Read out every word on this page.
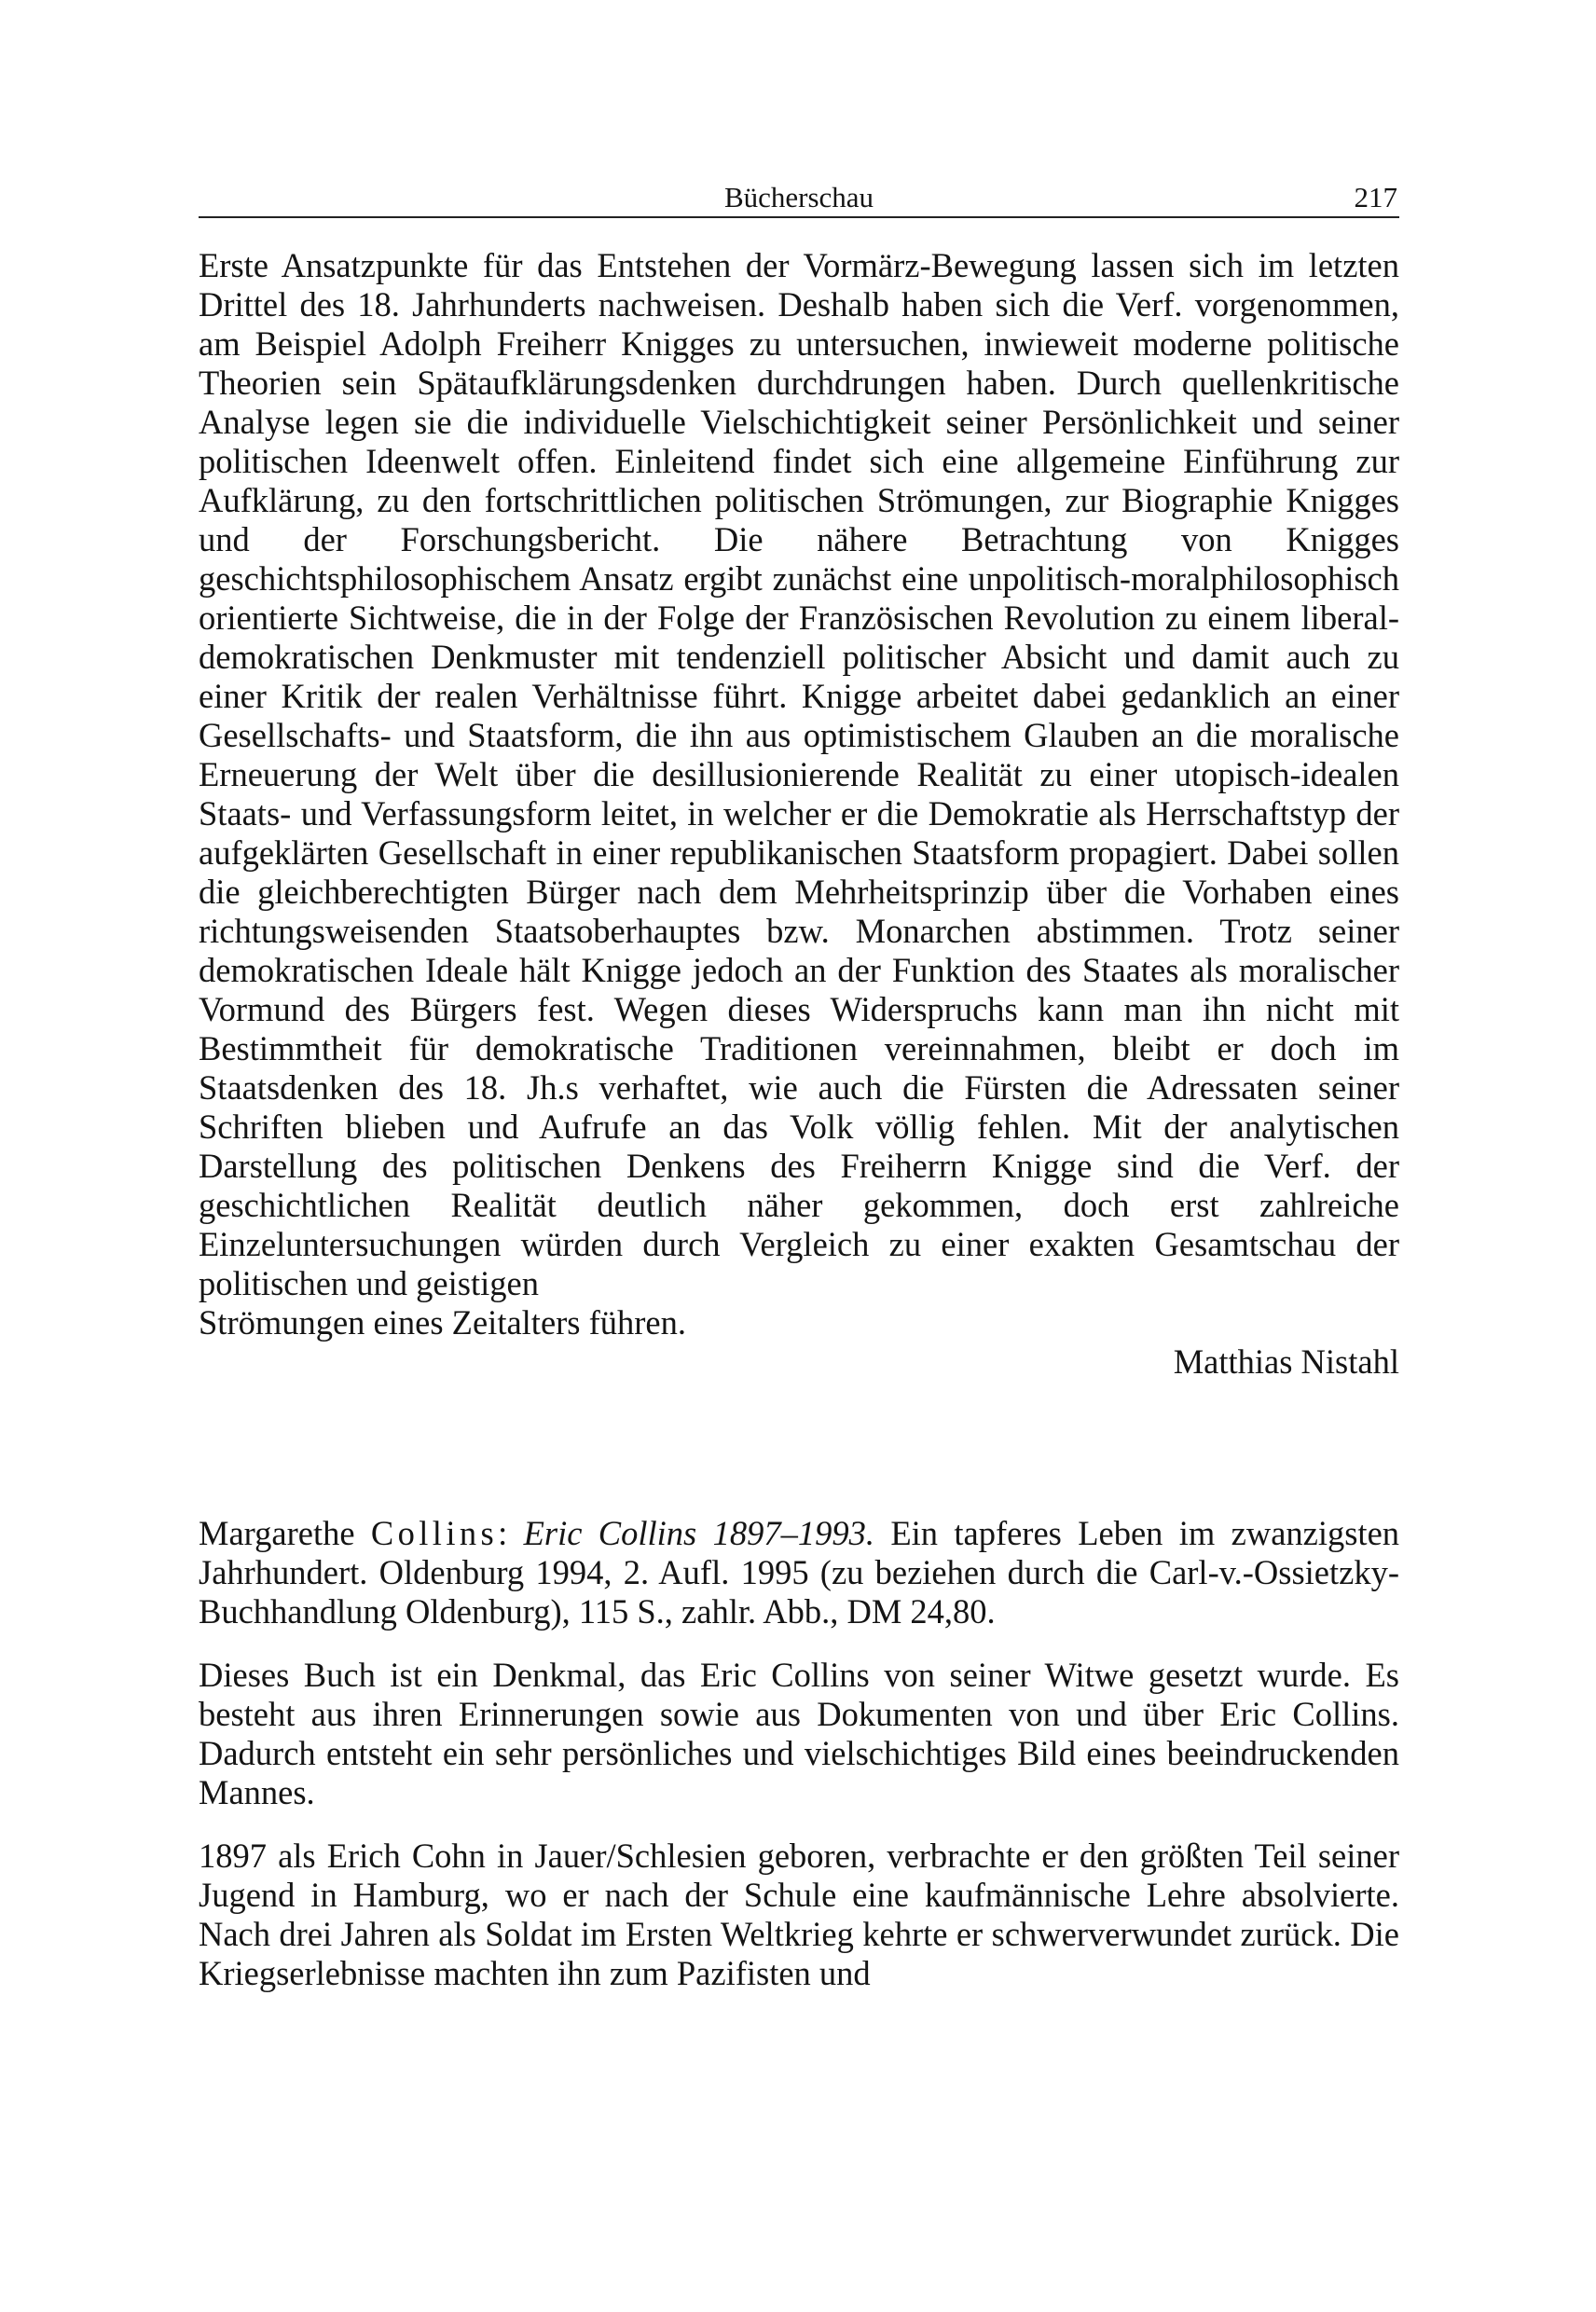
Bücherschau	217

Erste Ansatzpunkte für das Entstehen der Vormärz-Bewegung lassen sich im letzten Drittel des 18. Jahrhunderts nachweisen. Deshalb haben sich die Verf. vorgenommen, am Beispiel Adolph Freiherr Knigges zu untersuchen, inwieweit moderne politische Theorien sein Spätaufklärungsdenken durchdrungen haben. Durch quellenkritische Analyse legen sie die individuelle Vielschichtigkeit seiner Persönlichkeit und seiner politischen Ideenwelt offen. Einleitend findet sich eine allgemeine Einführung zur Aufklärung, zu den fortschrittlichen politischen Strömungen, zur Biographie Knigges und der Forschungsbericht. Die nähere Betrachtung von Knigges geschichtsphilosophischem Ansatz ergibt zunächst eine unpolitisch-moralphilosophisch orientierte Sichtweise, die in der Folge der Französischen Revolution zu einem liberal-demokratischen Denkmuster mit tendenziell politischer Absicht und damit auch zu einer Kritik der realen Verhältnisse führt. Knigge arbeitet dabei gedanklich an einer Gesellschafts- und Staatsform, die ihn aus optimistischem Glauben an die moralische Erneuerung der Welt über die desillusionierende Realität zu einer utopisch-idealen Staats- und Verfassungsform leitet, in welcher er die Demokratie als Herrschaftstyp der aufgeklärten Gesellschaft in einer republikanischen Staatsform propagiert. Dabei sollen die gleichberechtigten Bürger nach dem Mehrheitsprinzip über die Vorhaben eines richtungsweisenden Staatsoberhauptes bzw. Monarchen abstimmen. Trotz seiner demokratischen Ideale hält Knigge jedoch an der Funktion des Staates als moralischer Vormund des Bürgers fest. Wegen dieses Widerspruchs kann man ihn nicht mit Bestimmtheit für demokratische Traditionen vereinnahmen, bleibt er doch im Staatsdenken des 18. Jh.s verhaftet, wie auch die Fürsten die Adressaten seiner Schriften blieben und Aufrufe an das Volk völlig fehlen. Mit der analytischen Darstellung des politischen Denkens des Freiherrn Knigge sind die Verf. der geschichtlichen Realität deutlich näher gekommen, doch erst zahlreiche Einzeluntersuchungen würden durch Vergleich zu einer exakten Gesamtschau der politischen und geistigen

Strömungen eines Zeitalters führen.
Matthias Nistahl

Margarethe Collins: Eric Collins 1897–1993. Ein tapferes Leben im zwanzigsten Jahrhundert. Oldenburg 1994, 2. Aufl. 1995 (zu beziehen durch die Carl-v.-Ossietzky-Buchhandlung Oldenburg), 115 S., zahlr. Abb., DM 24,80.

Dieses Buch ist ein Denkmal, das Eric Collins von seiner Witwe gesetzt wurde. Es besteht aus ihren Erinnerungen sowie aus Dokumenten von und über Eric Collins. Dadurch entsteht ein sehr persönliches und vielschichtiges Bild eines beeindruckenden Mannes.

1897 als Erich Cohn in Jauer/Schlesien geboren, verbrachte er den größten Teil seiner Jugend in Hamburg, wo er nach der Schule eine kaufmännische Lehre absolvierte. Nach drei Jahren als Soldat im Ersten Weltkrieg kehrte er schwerverwundet zurück. Die Kriegserlebnisse machten ihn zum Pazifisten und
